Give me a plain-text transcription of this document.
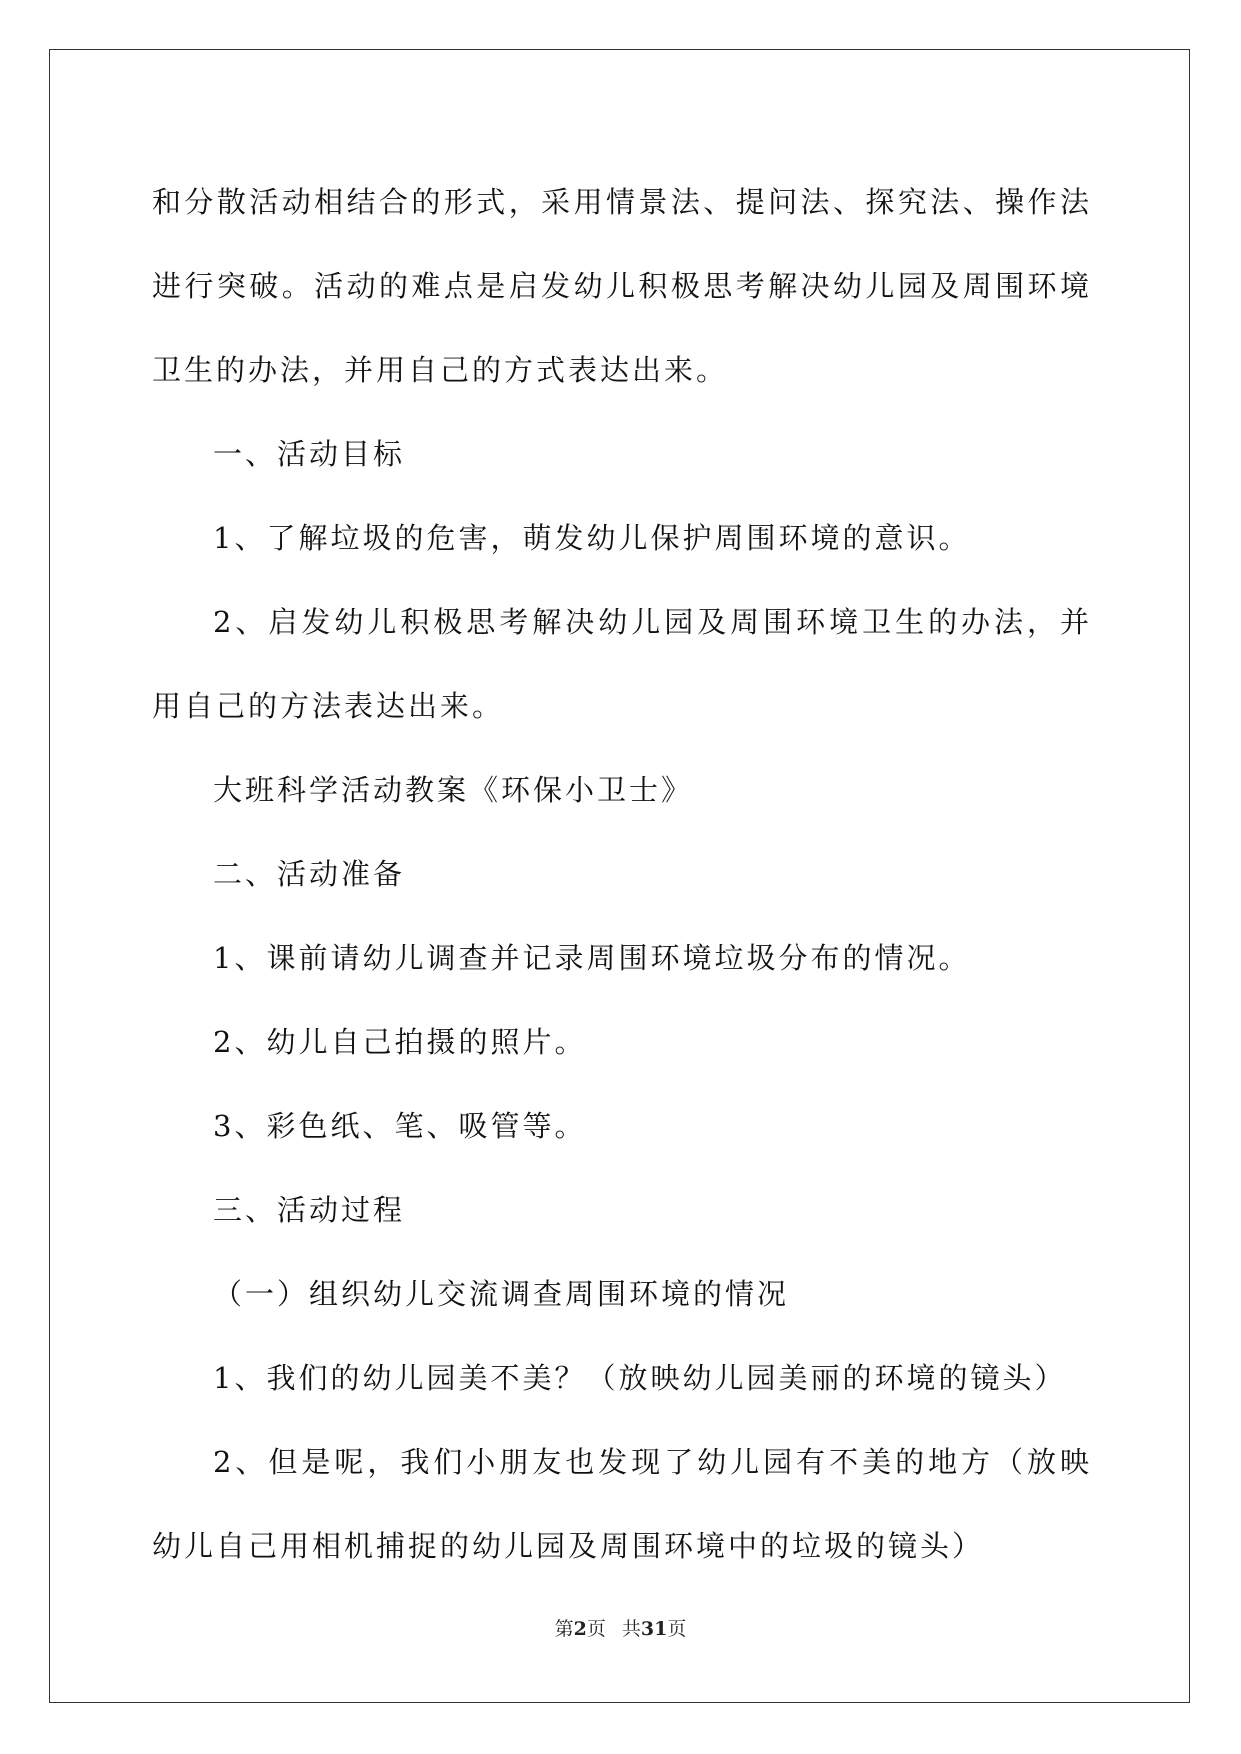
和分散活动相结合的形式，采用情景法、提问法、探究法、操作法进行突破。活动的难点是启发幼儿积极思考解决幼儿园及周围环境卫生的办法，并用自己的方式表达出来。

一、活动目标

1、了解垃圾的危害，萌发幼儿保护周围环境的意识。

2、启发幼儿积极思考解决幼儿园及周围环境卫生的办法，并用自己的方法表达出来。

大班科学活动教案《环保小卫士》

二、活动准备

1、课前请幼儿调查并记录周围环境垃圾分布的情况。

2、幼儿自己拍摄的照片。

3、彩色纸、笔、吸管等。

三、活动过程

（一）组织幼儿交流调查周围环境的情况

1、我们的幼儿园美不美？（放映幼儿园美丽的环境的镜头）

2、但是呢，我们小朋友也发现了幼儿园有不美的地方（放映幼儿自己用相机捕捉的幼儿园及周围环境中的垃圾的镜头）

第2页 共31页
